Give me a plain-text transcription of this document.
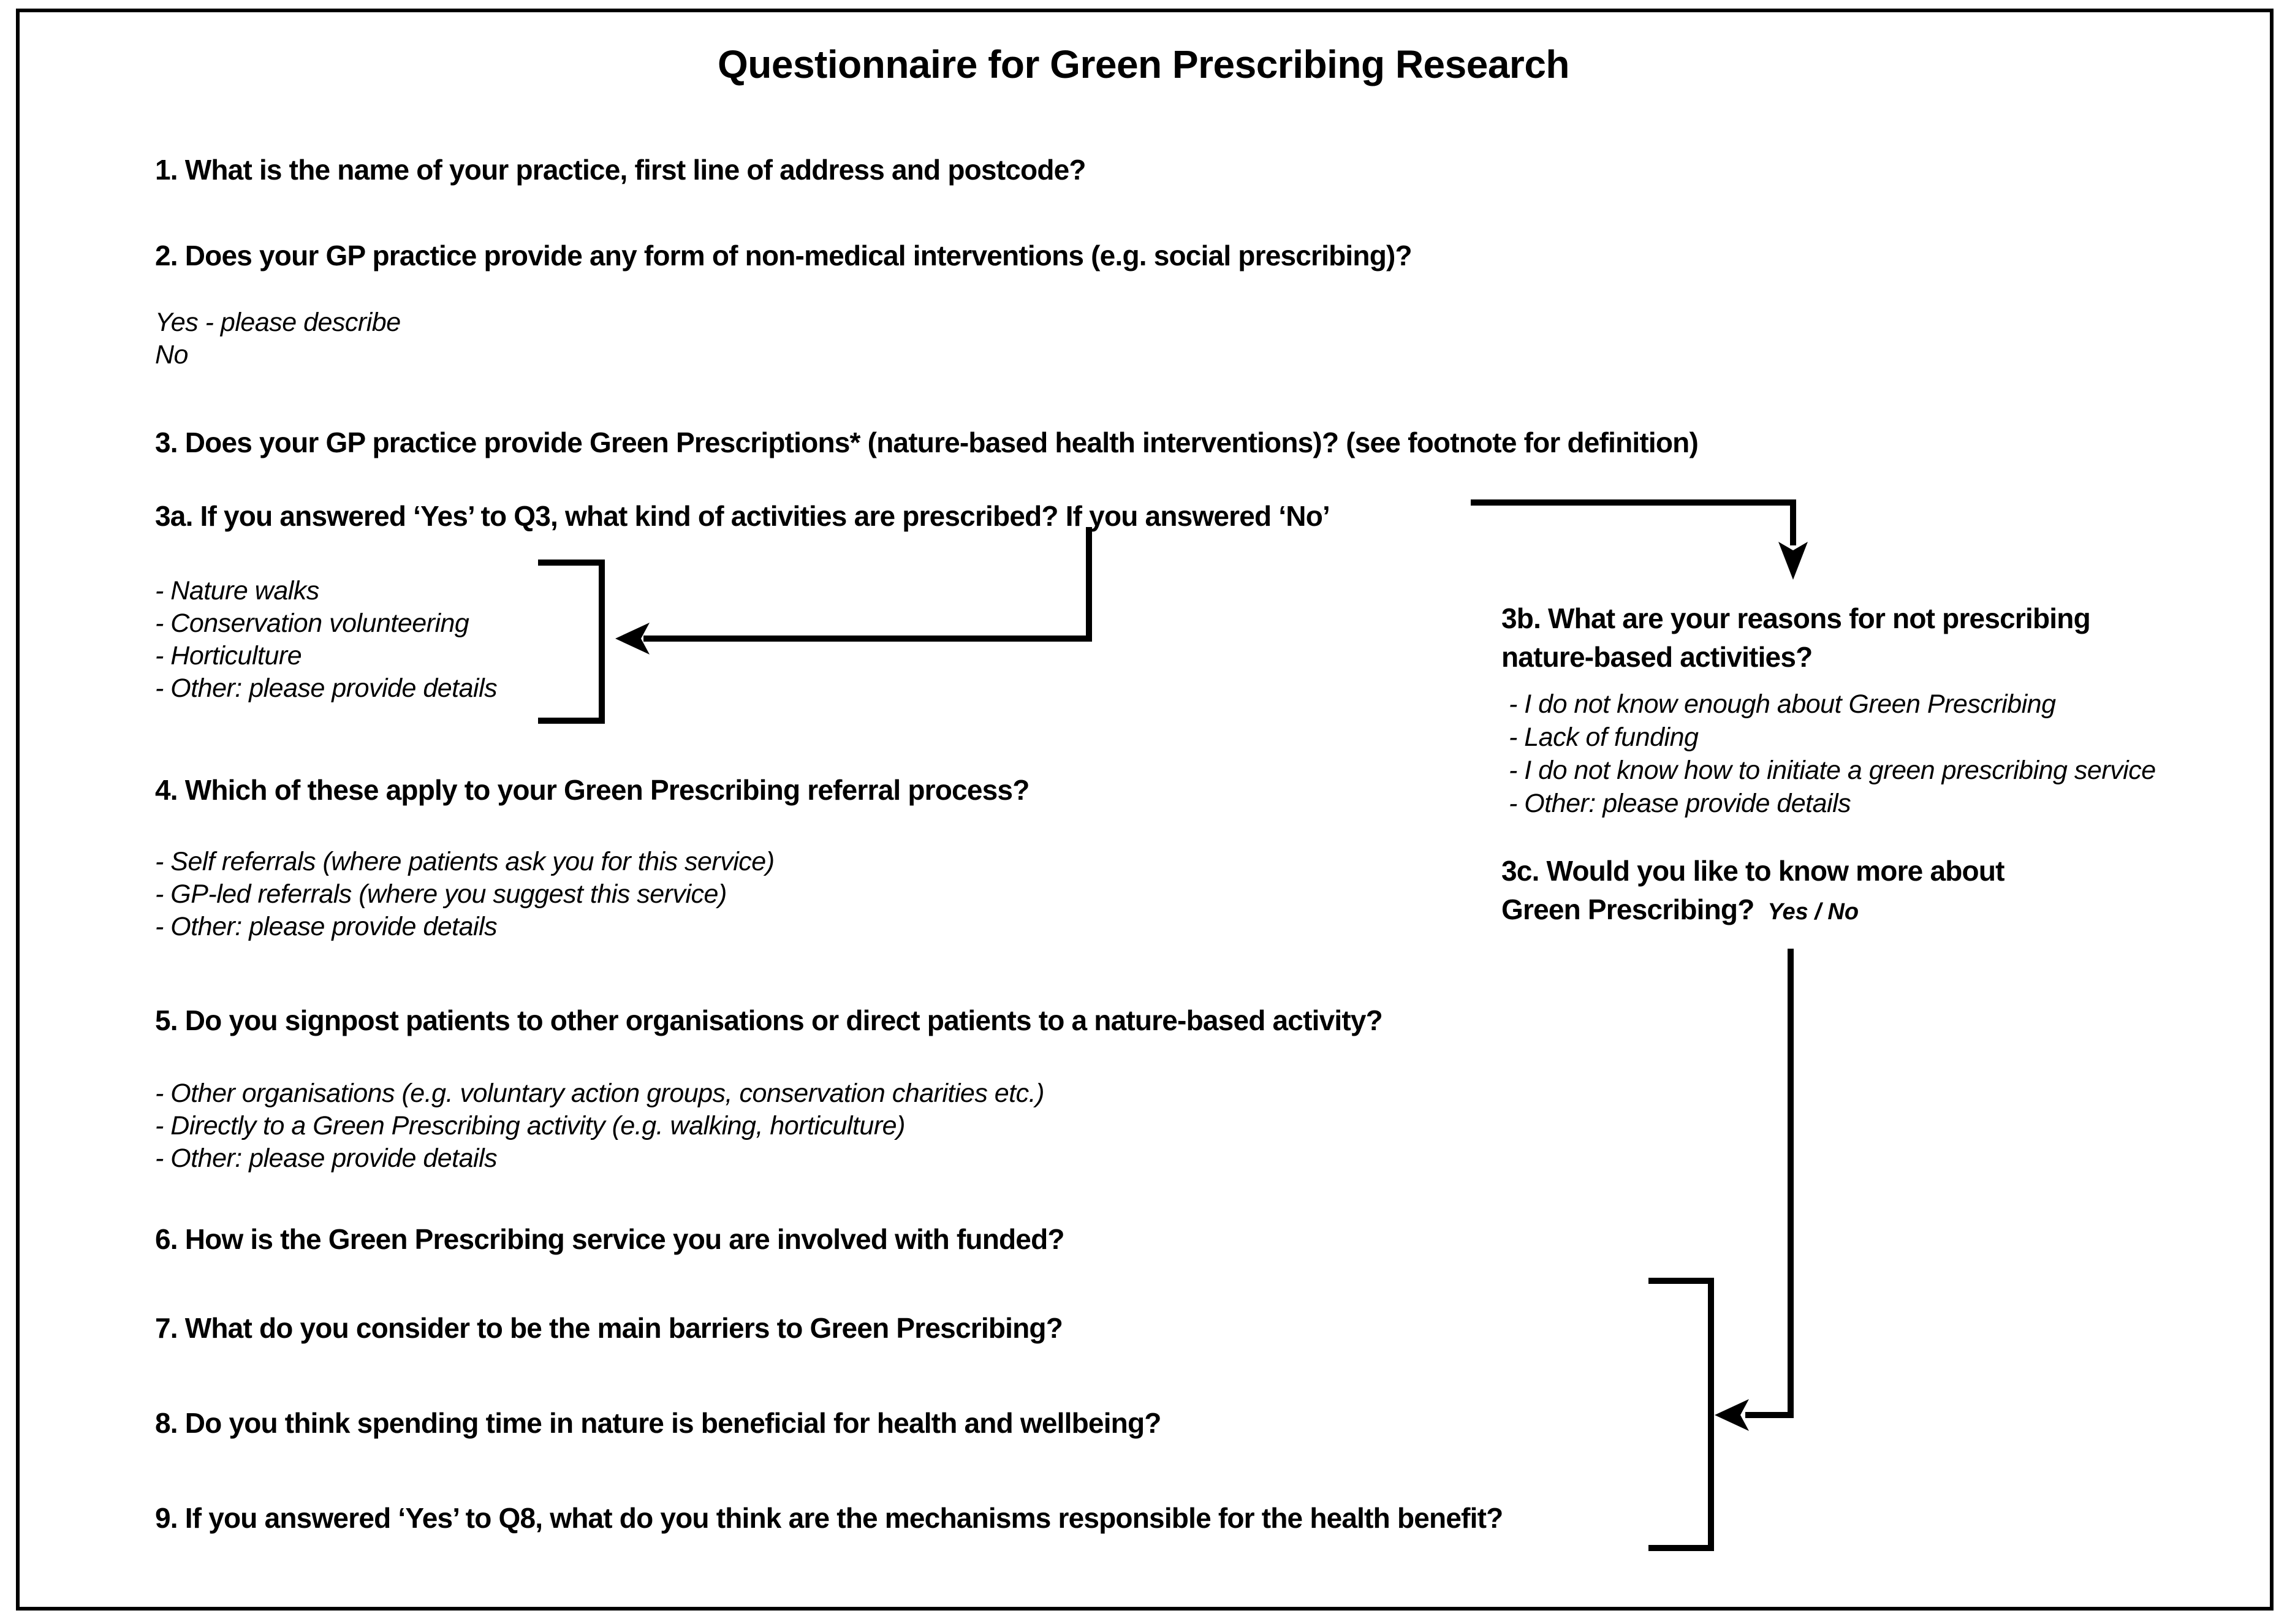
Questionnaire for Green Prescribing Research
1. What is the name of your practice, first line of address and postcode?
2. Does your GP practice provide any form of non-medical interventions (e.g. social prescribing)?
Yes - please describe
No
3. Does your GP practice provide Green Prescriptions* (nature-based health interventions)? (see footnote for definition)
3a. If you answered ‘Yes’ to Q3, what kind of activities are prescribed? If you answered ‘No’
- Nature walks
- Conservation volunteering
- Horticulture
- Other: please provide details
4. Which of these apply to your Green Prescribing referral process?
- Self referrals (where patients ask you for this service)
- GP-led referrals (where you suggest this service)
- Other: please provide details
5. Do you signpost patients to other organisations or direct patients to a nature-based activity?
- Other organisations (e.g. voluntary action groups, conservation charities etc.)
- Directly to a Green Prescribing activity (e.g. walking, horticulture)
- Other: please provide details
6. How is the Green Prescribing service you are involved with funded?
7. What do you consider to be the main barriers to Green Prescribing?
8. Do you think spending time in nature is beneficial for health and wellbeing?
9. If you answered ‘Yes’ to Q8, what do you think are the mechanisms responsible for the health benefit?
3b. What are your reasons for not prescribing
nature-based activities?
- I do not know enough about Green Prescribing
- Lack of funding
- I do not know how to initiate a green prescribing service
- Other: please provide details
3c. Would you like to know more about
Green Prescribing? Yes / No
